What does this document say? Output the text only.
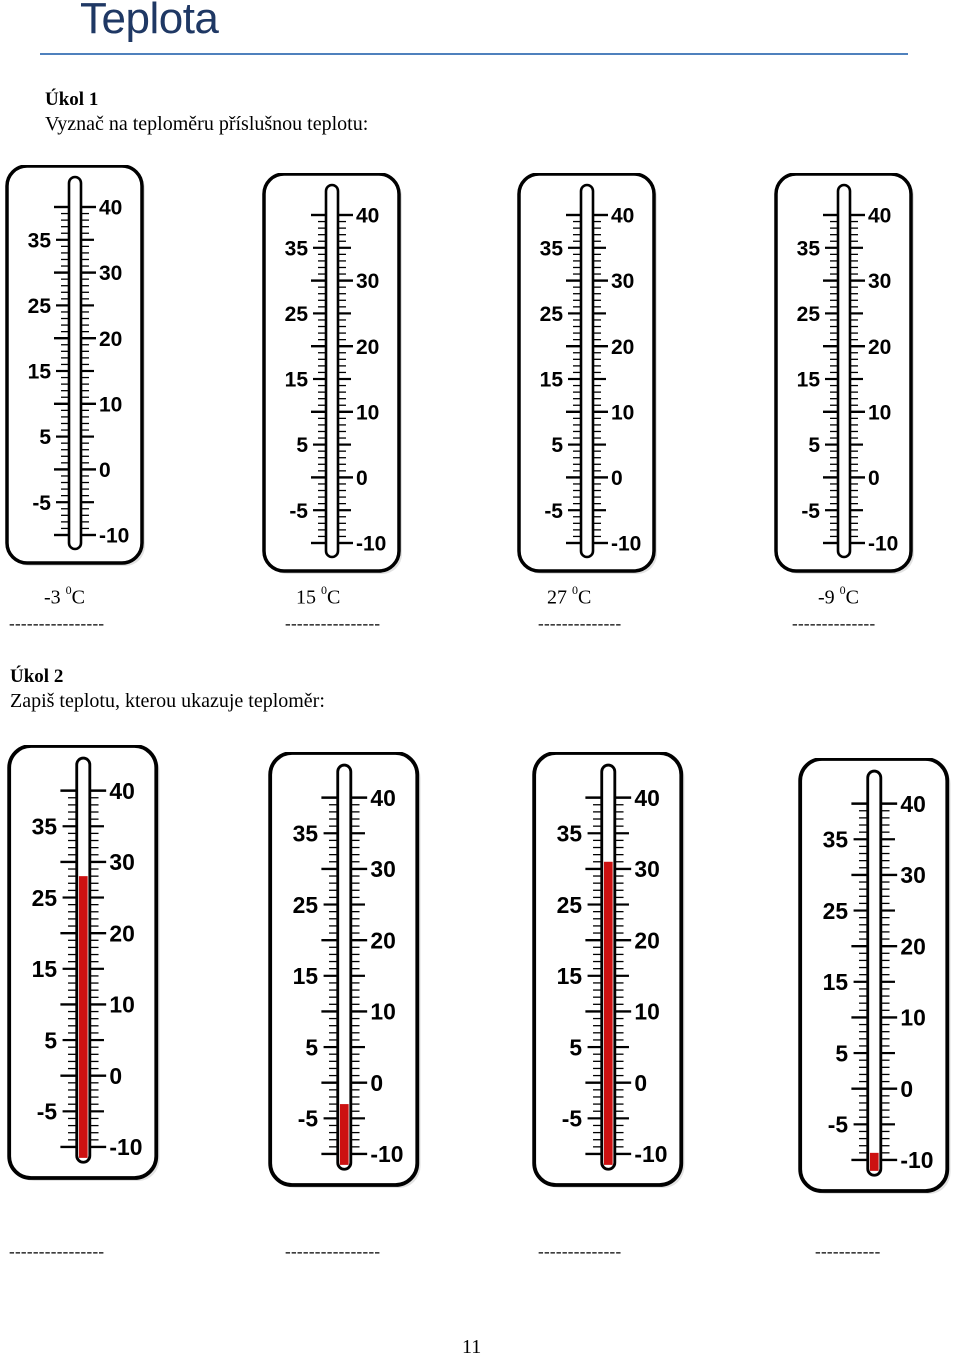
Teplota
Úkol 1
Vyznač na teploměru příslušnou teplotu:
35
25
15
5
-5
40
30
20
10
0
-10
35
25
15
5
-5
40
30
20
10
0
-10
35
25
15
5
-5
40
30
20
10
0
-10
35
25
15
5
-5
40
30
20
10
0
-10
-3 $^0$C	15 $^0$C	27 $^0$C	-9 $^0$C
----------------	----------------	--------------	--------------
Úkol 2
Zapiš teplotu, kterou ukazuje teploměr:
35
25
15
5
-5
40
30
20
10
0
-10
35
25
15
5
-5
40
30
20
10
0
-10
35
25
15
5
-5
40
30
20
10
0
-10
35
25
15
5
-5
40
30
20
10
0
-10
----------------	----------------	--------------	-----------
11
